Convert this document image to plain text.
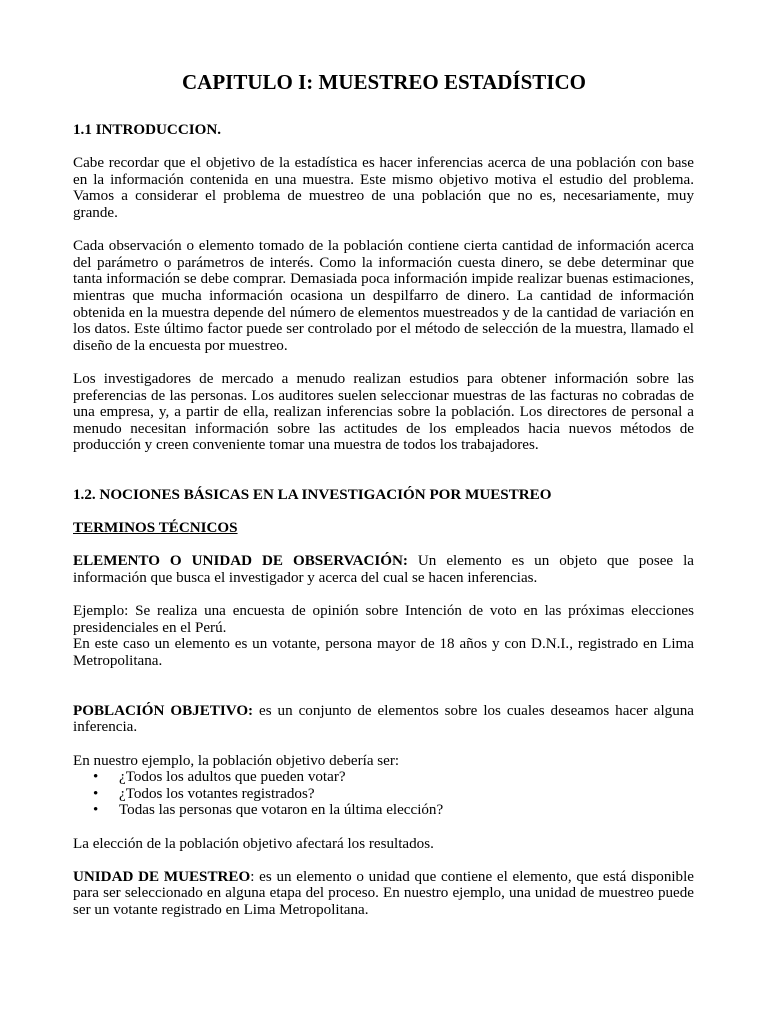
CAPITULO I: MUESTREO ESTADÍSTICO

1.1 INTRODUCCION.

Cabe recordar que el objetivo de la estadística es hacer inferencias acerca de una población con base en la información contenida en una muestra. Este mismo objetivo motiva el estudio del problema. Vamos a considerar el problema de muestreo de una población que no es, necesariamente, muy grande.

Cada observación o elemento tomado de la población contiene cierta cantidad de información acerca del parámetro o parámetros de interés. Como la información cuesta dinero, se debe determinar que tanta información se debe comprar. Demasiada poca información impide realizar buenas estimaciones, mientras que mucha información ocasiona un despilfarro de dinero. La cantidad de información obtenida en la muestra depende del número de elementos muestreados y de la cantidad de variación en los datos. Este último factor puede ser controlado por el método de selección de la muestra, llamado el diseño de la encuesta por muestreo.

Los investigadores de mercado a menudo realizan estudios para obtener información sobre las preferencias de las personas. Los auditores suelen seleccionar muestras de las facturas no cobradas de una empresa, y, a partir de ella, realizan inferencias sobre la población. Los directores de personal a menudo necesitan información sobre las actitudes de los empleados hacia nuevos métodos de producción y creen conveniente tomar una muestra de todos los trabajadores.

1.2. NOCIONES BÁSICAS EN LA INVESTIGACIÓN POR MUESTREO

TERMINOS TÉCNICOS

ELEMENTO O UNIDAD DE OBSERVACIÓN: Un elemento es un objeto que posee la información que busca el investigador y acerca del cual se hacen inferencias.

Ejemplo: Se realiza una encuesta de opinión sobre Intención de voto en las próximas elecciones presidenciales en el Perú.

En este caso un elemento es un votante, persona mayor de 18 años y con D.N.I., registrado en Lima Metropolitana.

POBLACIÓN OBJETIVO: es un conjunto de elementos sobre los cuales deseamos hacer alguna inferencia.

En nuestro ejemplo, la población objetivo debería ser:

• ¿Todos los adultos que pueden votar?
• ¿Todos los votantes registrados?
• Todas las personas que votaron en la última elección?

La elección de la población objetivo afectará los resultados.

UNIDAD DE MUESTREO: es un elemento o unidad que contiene el elemento, que está disponible para ser seleccionado en alguna etapa del proceso. En nuestro ejemplo, una unidad de muestreo puede ser un votante registrado en Lima Metropolitana.
